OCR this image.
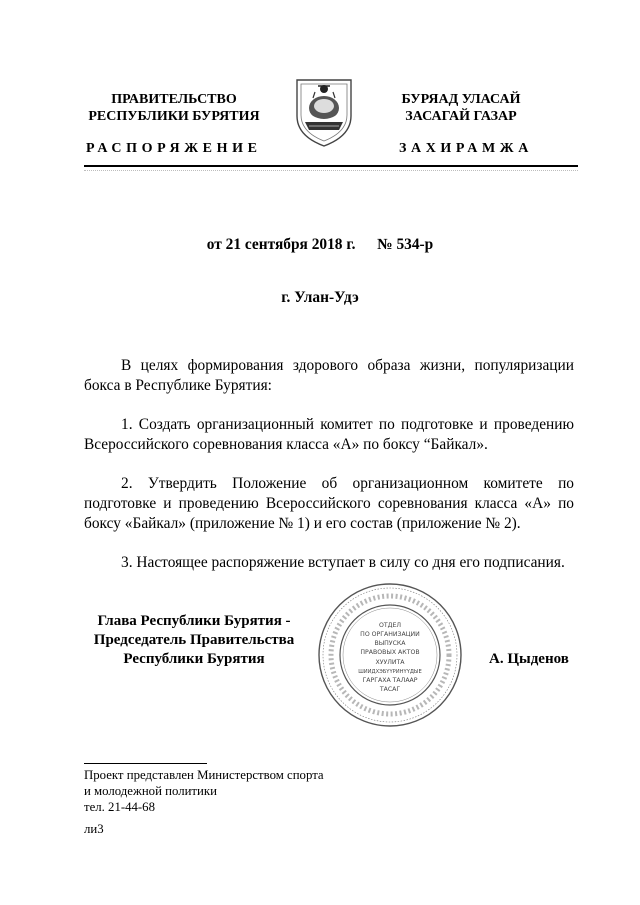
ПРАВИТЕЛЬСТВО
РЕСПУБЛИКИ БУРЯТИЯ
БУРЯАД УЛАСАЙ
ЗАСАГАЙ ГАЗАР
РАСПОРЯЖЕНИЕ	ЗАХИРАМЖА
от 21 сентября 2018 г. № 534-р
г. Улан-Удэ

В целях формирования здорового образа жизни, популяризации бокса в Республике Бурятия:

1. Создать организационный комитет по подготовке и проведению Всероссийского соревнования класса «А» по боксу “Байкал».

2. Утвердить Положение об организационном комитете по подготовке и проведению Всероссийского соревнования класса «А» по боксу «Байкал» (приложение № 1) и его состав (приложение № 2).

3. Настоящее распоряжение вступает в силу со дня его подписания.

Глава Республики Бурятия -
Председатель Правительства
Республики Бурятия
ОТДЕЛ
ПО ОРГАНИЗАЦИИ
ВЫПУСКА
ПРАВОВЫХ АКТОВ
ХУУЛИТА
ШИИДХЭБҮҮРИНҮҮДЫЕ
ГАРГАХА ТАЛААР
ТАСАГ
А. Цыденов
Проект представлен Министерством спорта
и молодежной политики
тел. 21-44-68
ли3
